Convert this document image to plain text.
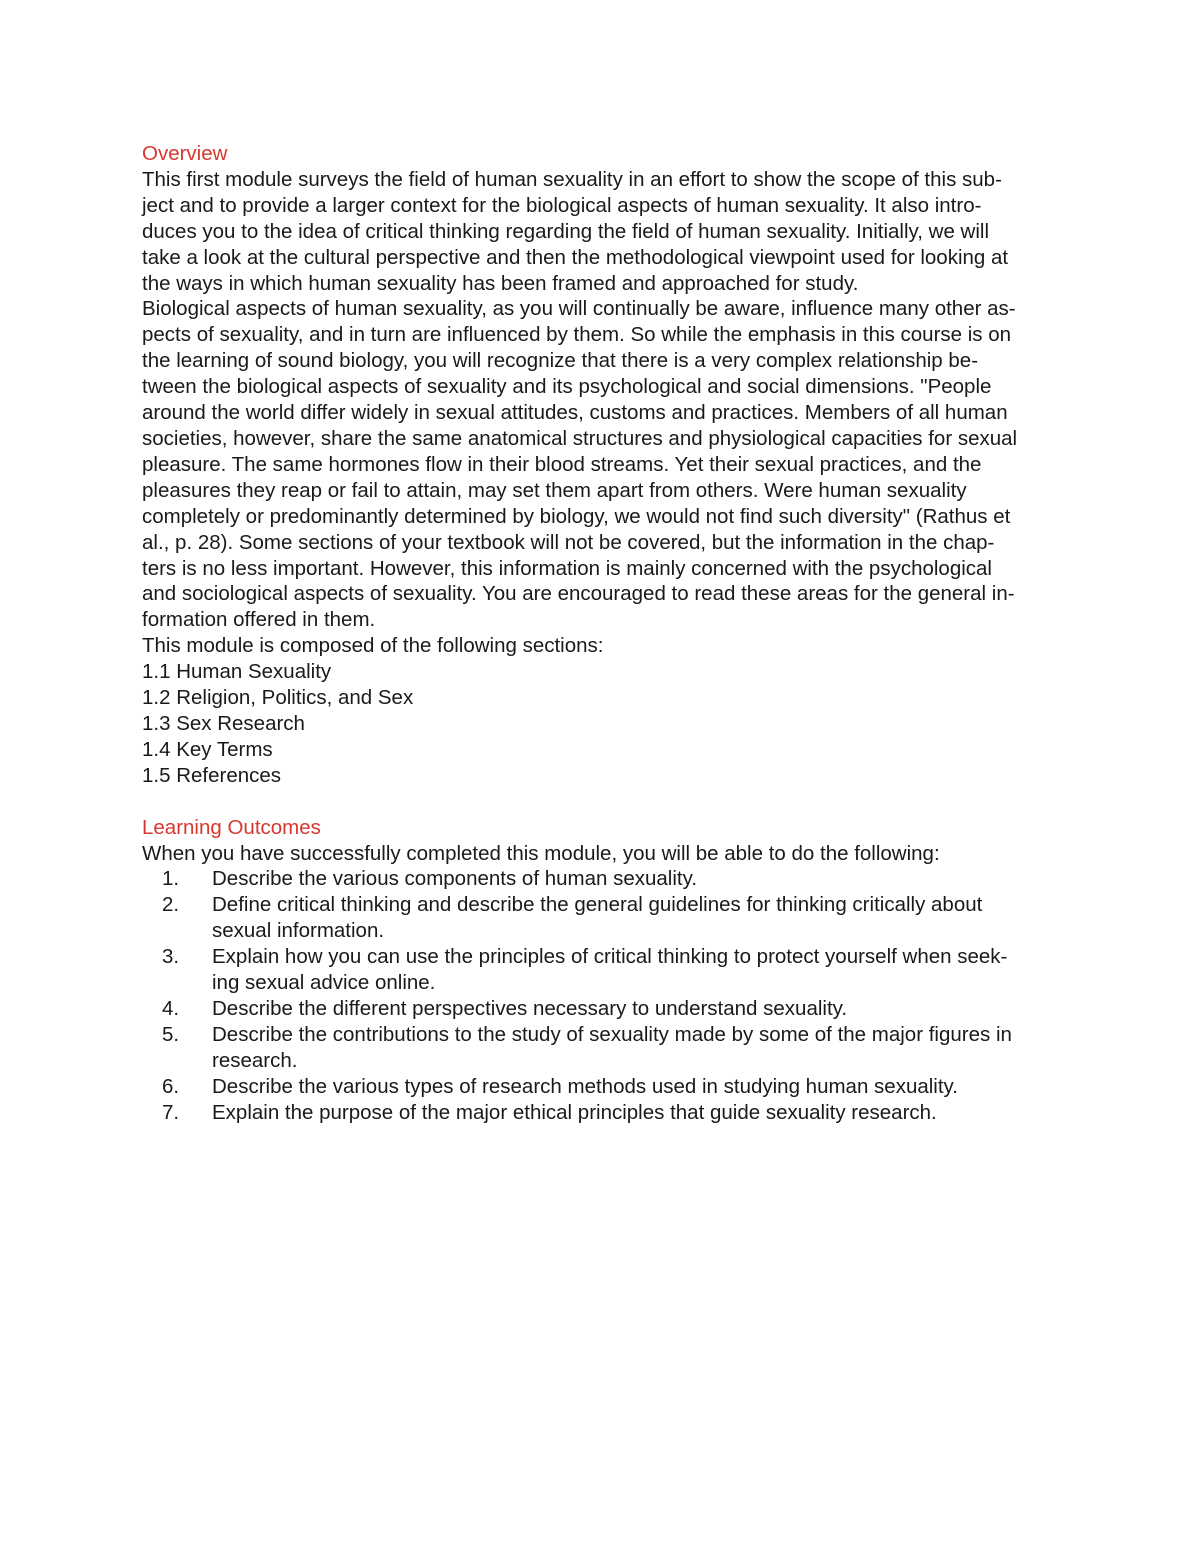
Overview

This first module surveys the field of human sexuality in an effort to show the scope of this sub-

ject and to provide a larger context for the biological aspects of human sexuality. It also intro-

duces you to the idea of critical thinking regarding the field of human sexuality. Initially, we will

take a look at the cultural perspective and then the methodological viewpoint used for looking at

the ways in which human sexuality has been framed and approached for study.

Biological aspects of human sexuality, as you will continually be aware, influence many other as-

pects of sexuality, and in turn are influenced by them. So while the emphasis in this course is on

the learning of sound biology, you will recognize that there is a very complex relationship be-

tween the biological aspects of sexuality and its psychological and social dimensions. "People

around the world differ widely in sexual attitudes, customs and practices. Members of all human

societies, however, share the same anatomical structures and physiological capacities for sexual

pleasure. The same hormones flow in their blood streams. Yet their sexual practices, and the

pleasures they reap or fail to attain, may set them apart from others. Were human sexuality

completely or predominantly determined by biology, we would not find such diversity" (Rathus et

al., p. 28). Some sections of your textbook will not be covered, but the information in the chap-

ters is no less important. However, this information is mainly concerned with the psychological

and sociological aspects of sexuality. You are encouraged to read these areas for the general in-

formation offered in them.

This module is composed of the following sections:

1.1 Human Sexuality

1.2 Religion, Politics, and Sex

1.3 Sex Research

1.4 Key Terms

1.5 References

Learning Outcomes

When you have successfully completed this module, you will be able to do the following:

1. Describe the various components of human sexuality.
2. Define critical thinking and describe the general guidelines for thinking critically about
sexual information.
3. Explain how you can use the principles of critical thinking to protect yourself when seek-
ing sexual advice online.
4. Describe the different perspectives necessary to understand sexuality.
5. Describe the contributions to the study of sexuality made by some of the major figures in
research.
6. Describe the various types of research methods used in studying human sexuality.
7. Explain the purpose of the major ethical principles that guide sexuality research.
